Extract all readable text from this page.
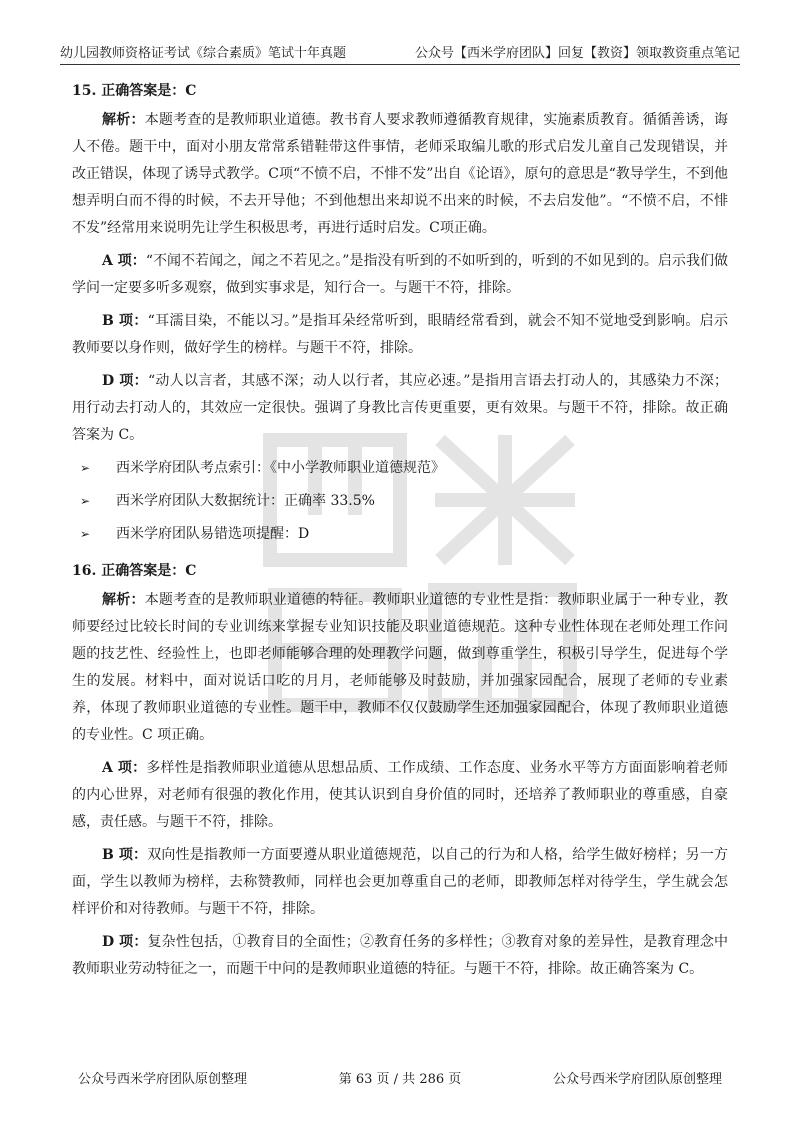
幼儿园教师资格证考试《综合素质》笔试十年真题	公众号【西米学府团队】回复【教资】领取教资重点笔记
15. 正确答案是：C

解析：本题考查的是教师职业道德。教书育人要求教师遵循教育规律，实施素质教育。循循善诱，诲人不倦。题干中，面对小朋友常常系错鞋带这件事情，老师采取编儿歌的形式启发儿童自己发现错误，并改正错误，体现了诱导式教学。C项“不愤不启，不悱不发”出自《论语》，原句的意思是“教导学生，不到他想弄明白而不得的时候，不去开导他；不到他想出来却说不出来的时候，不去启发他”。“不愤不启，不悱不发”经常用来说明先让学生积极思考，再进行适时启发。C项正确。

A 项：“不闻不若闻之，闻之不若见之。”是指没有听到的不如听到的，听到的不如见到的。启示我们做学问一定要多听多观察，做到实事求是，知行合一。与题干不符，排除。

B 项：“耳濡目染，不能以习。”是指耳朵经常听到，眼睛经常看到，就会不知不觉地受到影响。启示教师要以身作则，做好学生的榜样。与题干不符，排除。

D 项：“动人以言者，其感不深；动人以行者，其应必速。”是指用言语去打动人的，其感染力不深；用行动去打动人的，其效应一定很快。强调了身教比言传更重要，更有效果。与题干不符，排除。故正确答案为 C。

➢ 西米学府团队考点索引：《中小学教师职业道德规范》
➢ 西米学府团队大数据统计：正确率 33.5%
➢ 西米学府团队易错选项提醒：D
16. 正确答案是：C

解析：本题考查的是教师职业道德的特征。教师职业道德的专业性是指：教师职业属于一种专业，教师要经过比较长时间的专业训练来掌握专业知识技能及职业道德规范。这种专业性体现在老师处理工作问题的技艺性、经验性上，也即老师能够合理的处理教学问题，做到尊重学生，积极引导学生，促进每个学生的发展。材料中，面对说话口吃的月月，老师能够及时鼓励，并加强家园配合，展现了老师的专业素养，体现了教师职业道德的专业性。题干中，教师不仅仅鼓励学生还加强家园配合，体现了教师职业道德的专业性。C 项正确。

A 项：多样性是指教师职业道德从思想品质、工作成绩、工作态度、业务水平等方方面面影响着老师的内心世界，对老师有很强的教化作用，使其认识到自身价值的同时，还培养了教师职业的尊重感，自豪感，责任感。与题干不符，排除。

B 项：双向性是指教师一方面要遵从职业道德规范，以自己的行为和人格，给学生做好榜样；另一方面，学生以教师为榜样，去称赞教师，同样也会更加尊重自己的老师，即教师怎样对待学生，学生就会怎样评价和对待教师。与题干不符，排除。

D 项：复杂性包括，①教育目的全面性；②教育任务的多样性；③教育对象的差异性，是教育理念中教师职业劳动特征之一，而题干中问的是教师职业道德的特征。与题干不符，排除。故正确答案为 C。

公众号西米学府团队原创整理	第 63 页 / 共 286 页	公众号西米学府团队原创整理
